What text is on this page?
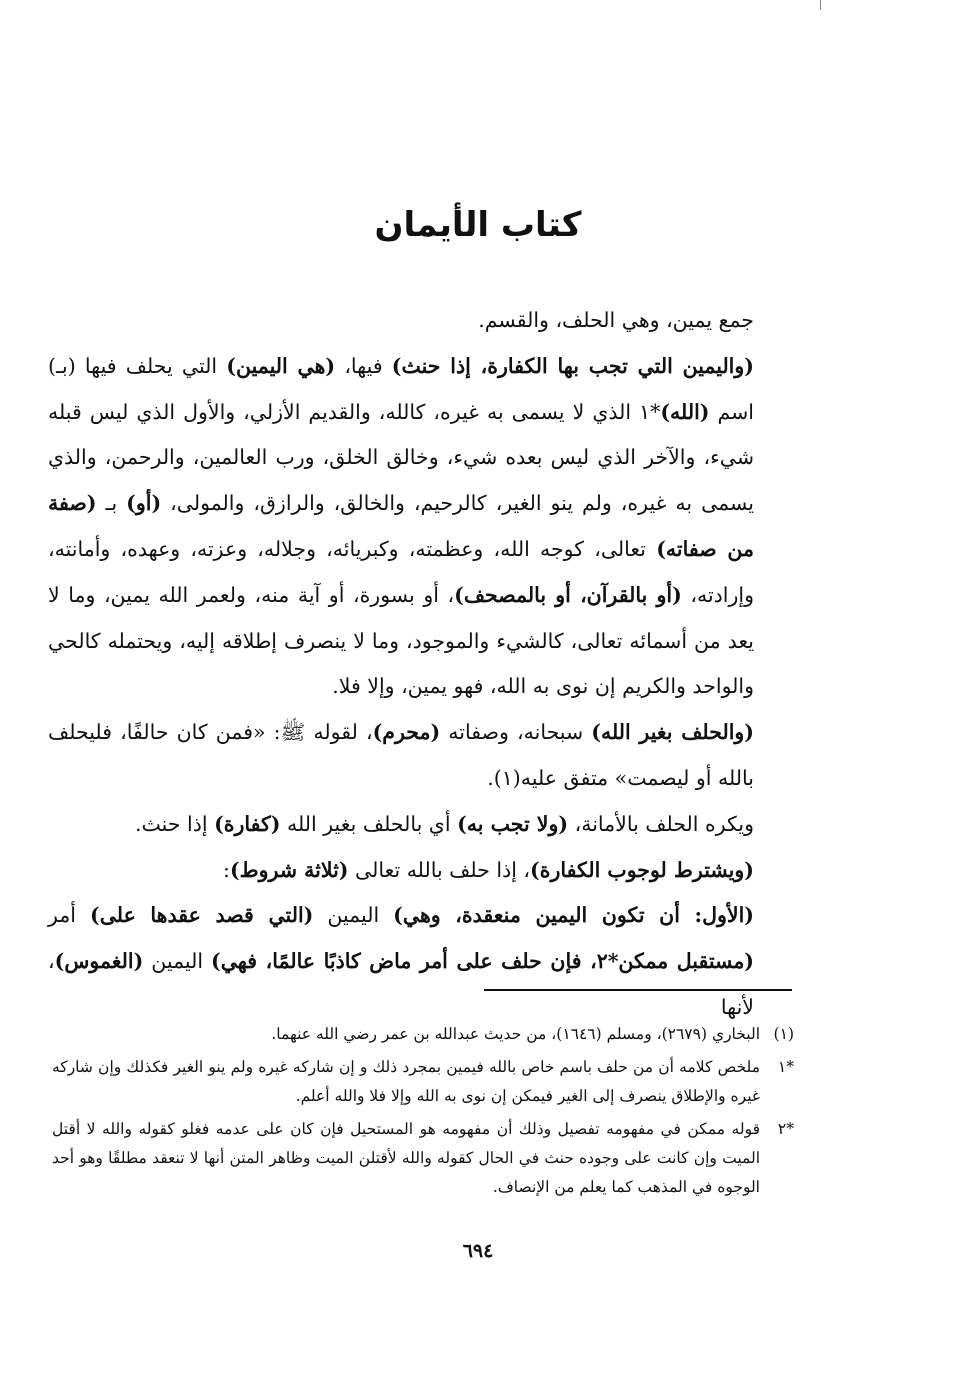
كتاب الأيمان

جمع يمين، وهي الحلف، والقسم.

(واليمين التي تجب بها الكفارة، إذا حنث) فيها، (هي اليمين) التي يحلف فيها (بـ) اسم (الله)*١ الذي لا يسمى به غيره، كالله، والقديم الأزلي، والأول الذي ليس قبله شيء، والآخر الذي ليس بعده شيء، وخالق الخلق، ورب العالمين، والرحمن، والذي يسمى به غيره، ولم ينو الغير، كالرحيم، والخالق، والرازق، والمولى، (أو) بـ (صفة من صفاته) تعالى، كوجه الله، وعظمته، وكبريائه، وجلاله، وعزته، وعهده، وأمانته، وإرادته، (أو بالقرآن، أو بالمصحف)، أو بسورة، أو آية منه، ولعمر الله يمين، وما لا يعد من أسمائه تعالى، كالشيء والموجود، وما لا ينصرف إطلاقه إليه، ويحتمله كالحي والواحد والكريم إن نوى به الله، فهو يمين، وإلا فلا.

(والحلف بغير الله) سبحانه، وصفاته (محرم)، لقوله ﷺ: «فمن كان حالفًا، فليحلف بالله أو ليصمت» متفق عليه(١).

ويكره الحلف بالأمانة، (ولا تجب به) أي بالحلف بغير الله (كفارة) إذا حنث.

(ويشترط لوجوب الكفارة)، إذا حلف بالله تعالى (ثلاثة شروط):

(الأول: أن تكون اليمين منعقدة، وهي) اليمين (التي قصد عقدها على) أمر (مستقبل ممكن*٢، فإن حلف على أمر ماض كاذبًا عالمًا، فهي) اليمين (الغموس)، لأنها

(١)
البخاري (٢٦٧٩)، ومسلم (١٦٤٦)، من حديث عبدالله بن عمر رضي الله عنهما.
*١
ملخص كلامه أن من حلف باسم خاص بالله فيمين بمجرد ذلك و إن شاركه غيره ولم ينو الغير فكذلك وإن شاركه غيره والإطلاق ينصرف إلى الغير فيمكن إن نوى به الله وإلا فلا والله أعلم.
*٢
قوله ممكن في مفهومه تفصيل وذلك أن مفهومه هو المستحيل فإن كان على عدمه فغلو كقوله والله لا أقتل الميت وإن كانت على وجوده حنث في الحال كقوله والله لأقتلن الميت وظاهر المتن أنها لا تنعقد مطلقًا وهو أحد الوجوه في المذهب كما يعلم من الإنصاف.
٦٩٤
